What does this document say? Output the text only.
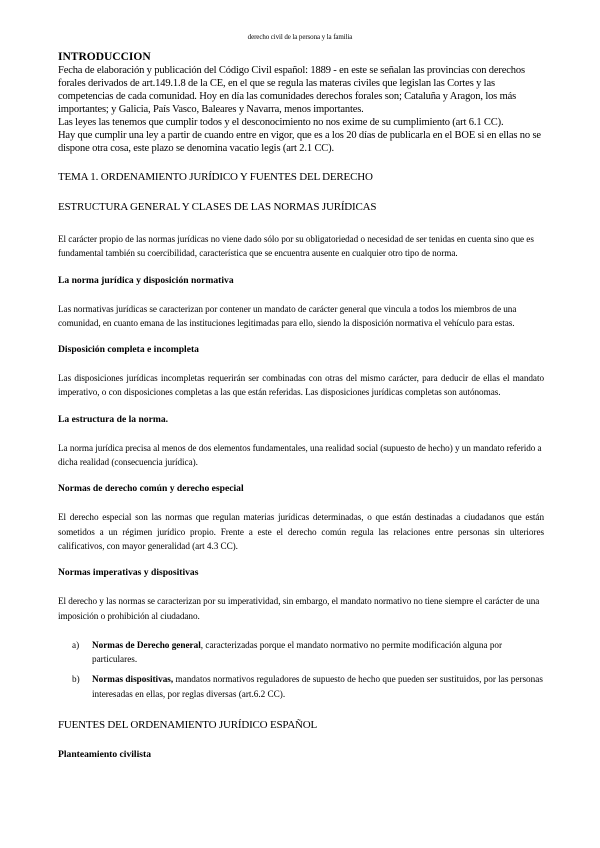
derecho civil de la persona y la familia

INTRODUCCION

Fecha de elaboración y publicación del Código Civil español: 1889 - en este se señalan las provincias con derechos forales derivados de art.149.1.8 de la CE, en el que se regula las materas civiles que legislan las Cortes y las competencias de cada comunidad. Hoy en día las comunidades derechos forales son; Cataluña y Aragon, los más importantes; y Galicia, País Vasco, Baleares y Navarra, menos importantes.

Las leyes las tenemos que cumplir todos y el desconocimiento no nos exime de su cumplimiento (art 6.1 CC).

Hay que cumplir una ley a partir de cuando entre en vigor, que es a los 20 días de publicarla en el BOE si en ellas no se dispone otra cosa, este plazo se denomina vacatio legis (art 2.1 CC).

TEMA 1. ORDENAMIENTO JURÍDICO Y FUENTES DEL DERECHO

ESTRUCTURA GENERAL Y CLASES DE LAS NORMAS JURÍDICAS

El carácter propio de las normas jurídicas no viene dado sólo por su obligatoriedad o necesidad de ser tenidas en cuenta sino que es fundamental también su coercibilidad, característica que se encuentra ausente en cualquier otro tipo de norma.

La norma jurídica y disposición normativa

Las normativas jurídicas se caracterizan por contener un mandato de carácter general que vincula a todos los miembros de una comunidad, en cuanto emana de las instituciones legitimadas para ello, siendo la disposición normativa el vehículo para estas.

Disposición completa e incompleta

Las disposiciones jurídicas incompletas requerirán ser combinadas con otras del mismo carácter, para deducir de ellas el mandato imperativo, o con disposiciones completas a las que están referidas. Las disposiciones jurídicas completas son autónomas.

La estructura de la norma.

La norma jurídica precisa al menos de dos elementos fundamentales, una realidad social (supuesto de hecho) y un mandato referido a dicha realidad (consecuencia jurídica).

Normas de derecho común y derecho especial

El derecho especial son las normas que regulan materias jurídicas determinadas, o que están destinadas a ciudadanos que están sometidos a un régimen jurídico propio. Frente a este el derecho común regula las relaciones entre personas sin ulteriores calificativos, con mayor generalidad (art 4.3 CC).

Normas imperativas y dispositivas

El derecho y las normas se caracterizan por su imperatividad, sin embargo, el mandato normativo no tiene siempre el carácter de una imposición o prohibición al ciudadano.

a) Normas de Derecho general, caracterizadas porque el mandato normativo no permite modificación alguna por particulares.
b) Normas dispositivas, mandatos normativos reguladores de supuesto de hecho que pueden ser sustituidos, por las personas interesadas en ellas, por reglas diversas (art.6.2 CC).

FUENTES DEL ORDENAMIENTO JURÍDICO ESPAÑOL

Planteamiento civilista
